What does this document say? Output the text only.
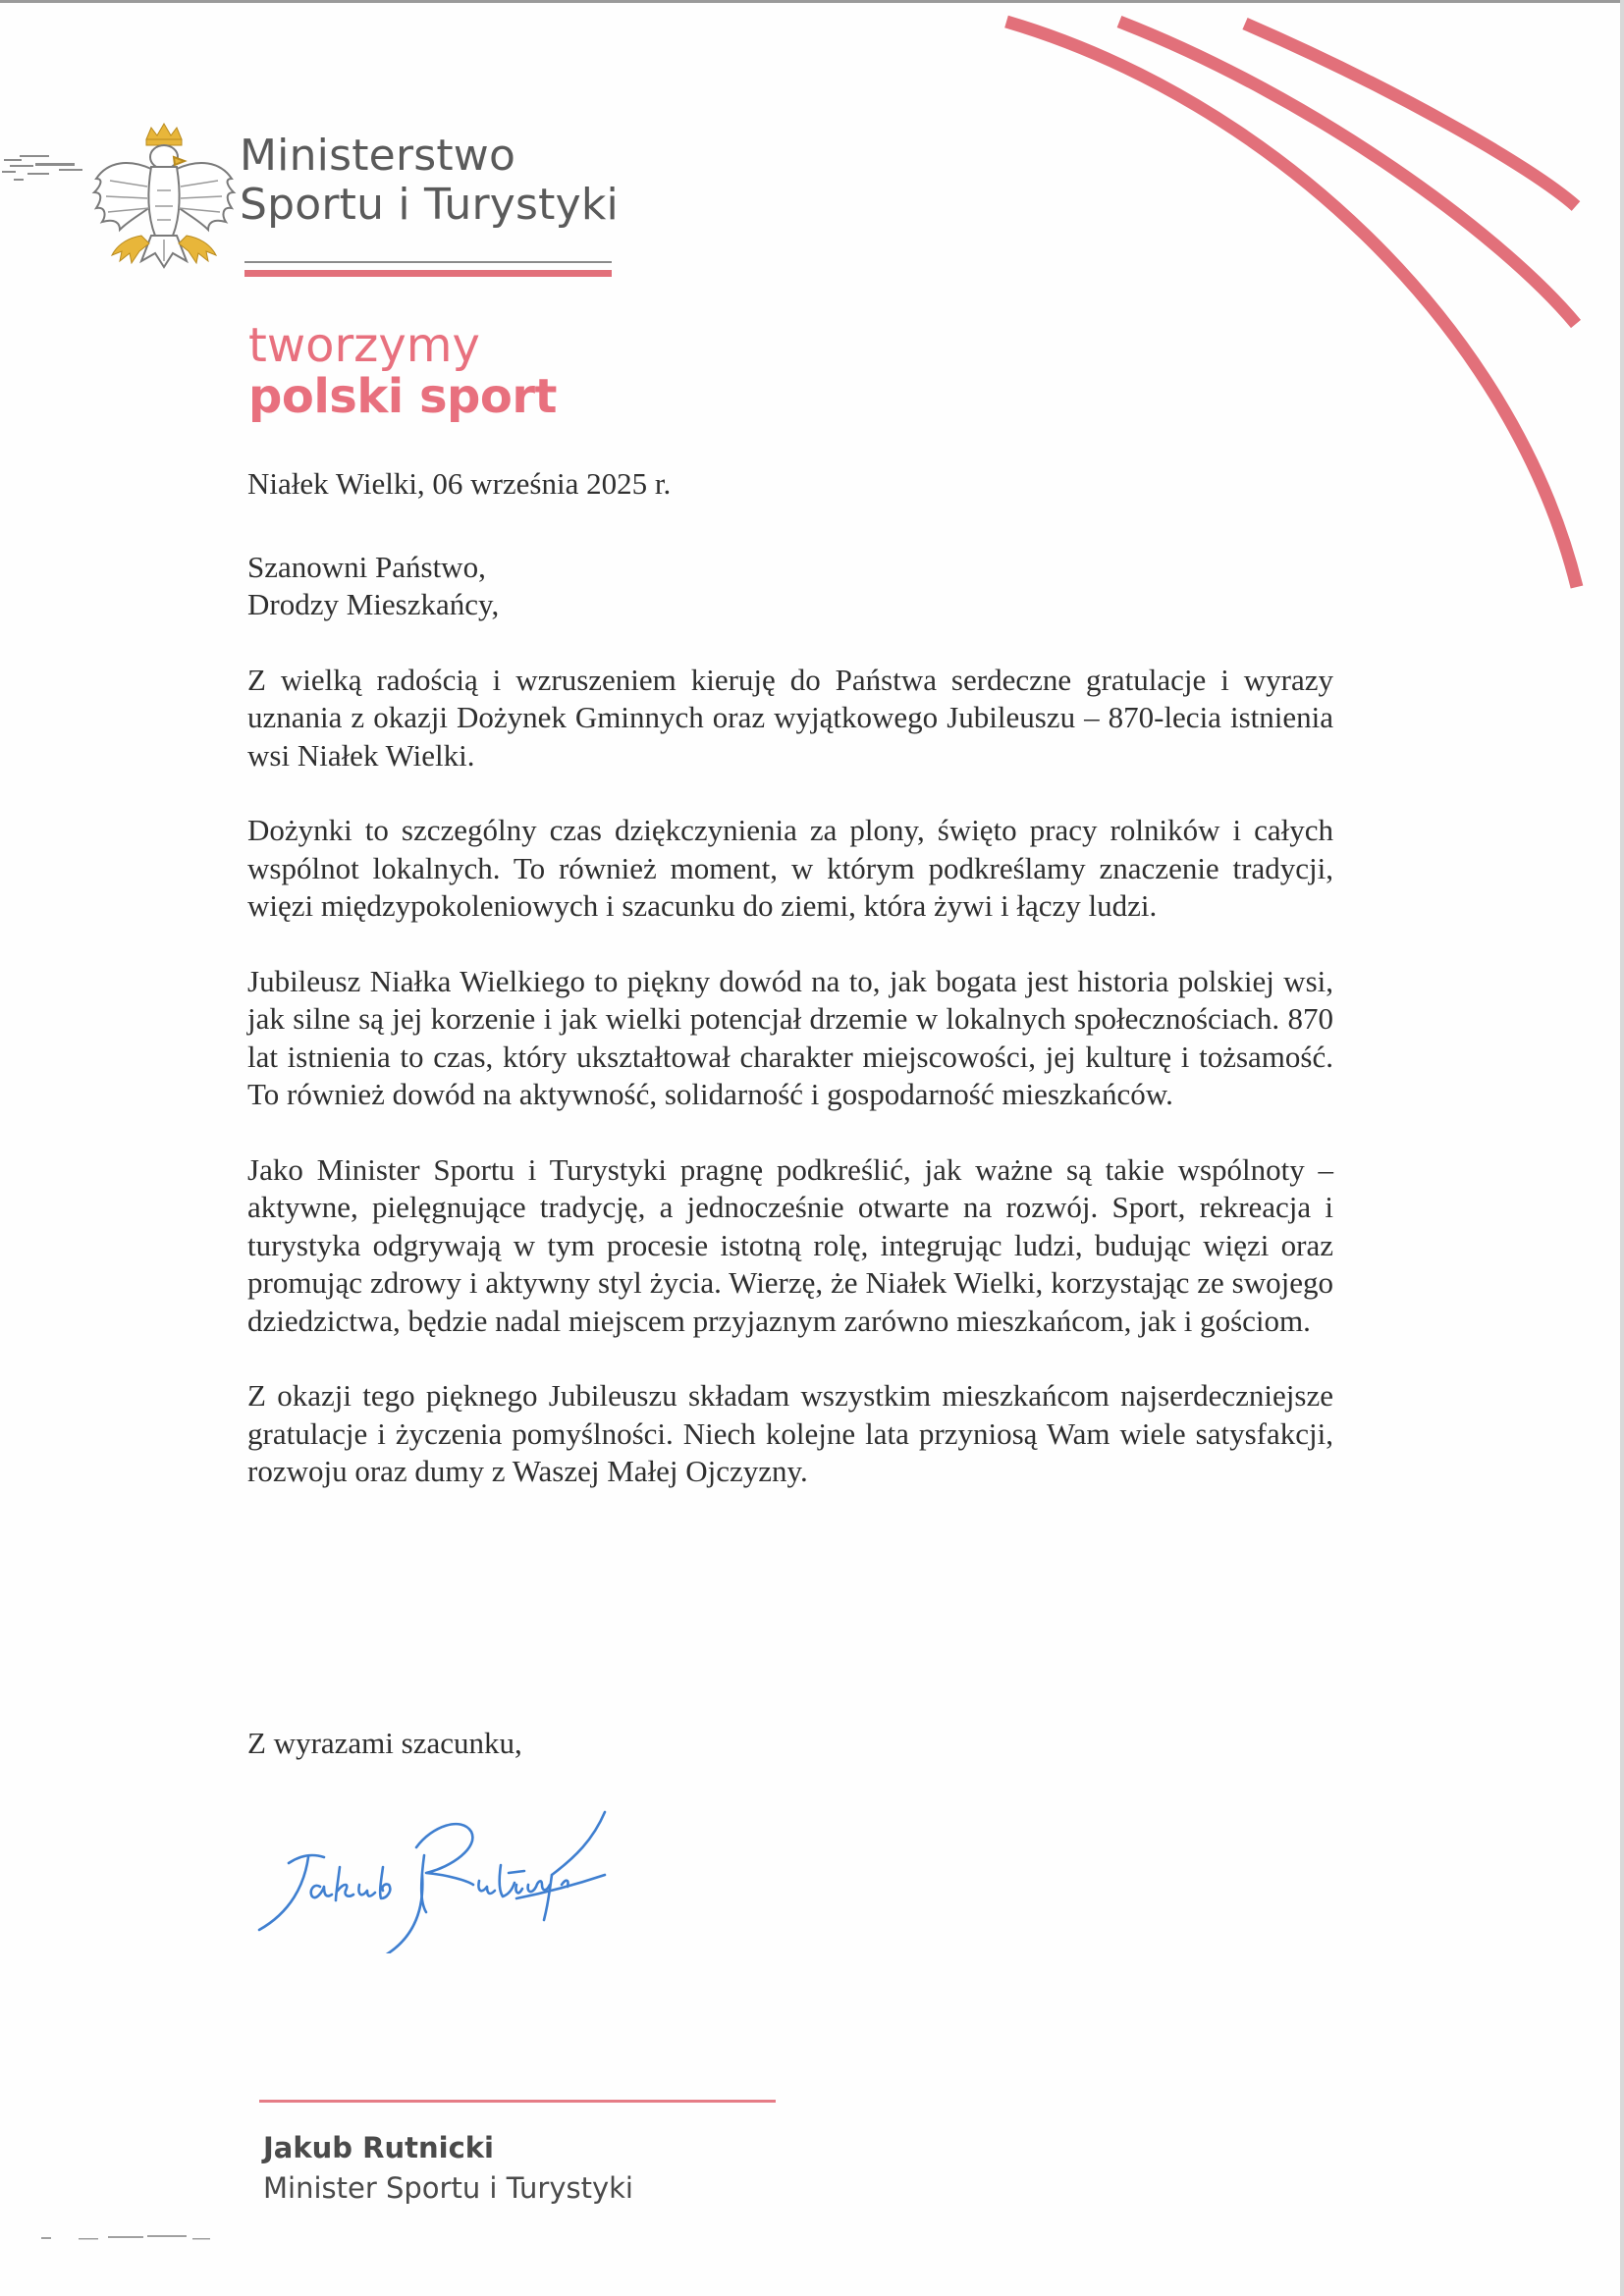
Ministerstwo
Sportu i Turystyki
tworzymy
polski sport

Niałek Wielki, 06 września 2025 r.

Szanowni Państwo,
Drodzy Mieszkańcy,

Z wielką radością i wzruszeniem kieruję do Państwa serdeczne gratulacje i wyrazy uznania z okazji Dożynek Gminnych oraz wyjątkowego Jubileuszu – 870-lecia istnienia wsi Niałek Wielki.

Dożynki to szczególny czas dziękczynienia za plony, święto pracy rolników i całych wspólnot lokalnych. To również moment, w którym podkreślamy znaczenie tradycji, więzi międzypokoleniowych i szacunku do ziemi, która żywi i łączy ludzi.

Jubileusz Niałka Wielkiego to piękny dowód na to, jak bogata jest historia polskiej wsi, jak silne są jej korzenie i jak wielki potencjał drzemie w lokalnych społecznościach. 870 lat istnienia to czas, który ukształtował charakter miejscowości, jej kulturę i tożsamość. To również dowód na aktywność, solidarność i gospodarność mieszkańców.

Jako Minister Sportu i Turystyki pragnę podkreślić, jak ważne są takie wspólnoty – aktywne, pielęgnujące tradycję, a jednocześnie otwarte na rozwój. Sport, rekreacja i turystyka odgrywają w tym procesie istotną rolę, integrując ludzi, budując więzi oraz promując zdrowy i aktywny styl życia. Wierzę, że Niałek Wielki, korzystając ze swojego dziedzictwa, będzie nadal miejscem przyjaznym zarówno mieszkańcom, jak i gościom.

Z okazji tego pięknego Jubileuszu składam wszystkim mieszkańcom najserdeczniejsze gratulacje i życzenia pomyślności. Niech kolejne lata przyniosą Wam wiele satysfakcji, rozwoju oraz dumy z Waszej Małej Ojczyzny.

Z wyrazami szacunku,
Jakub Rutnicki
Minister Sportu i Turystyki
